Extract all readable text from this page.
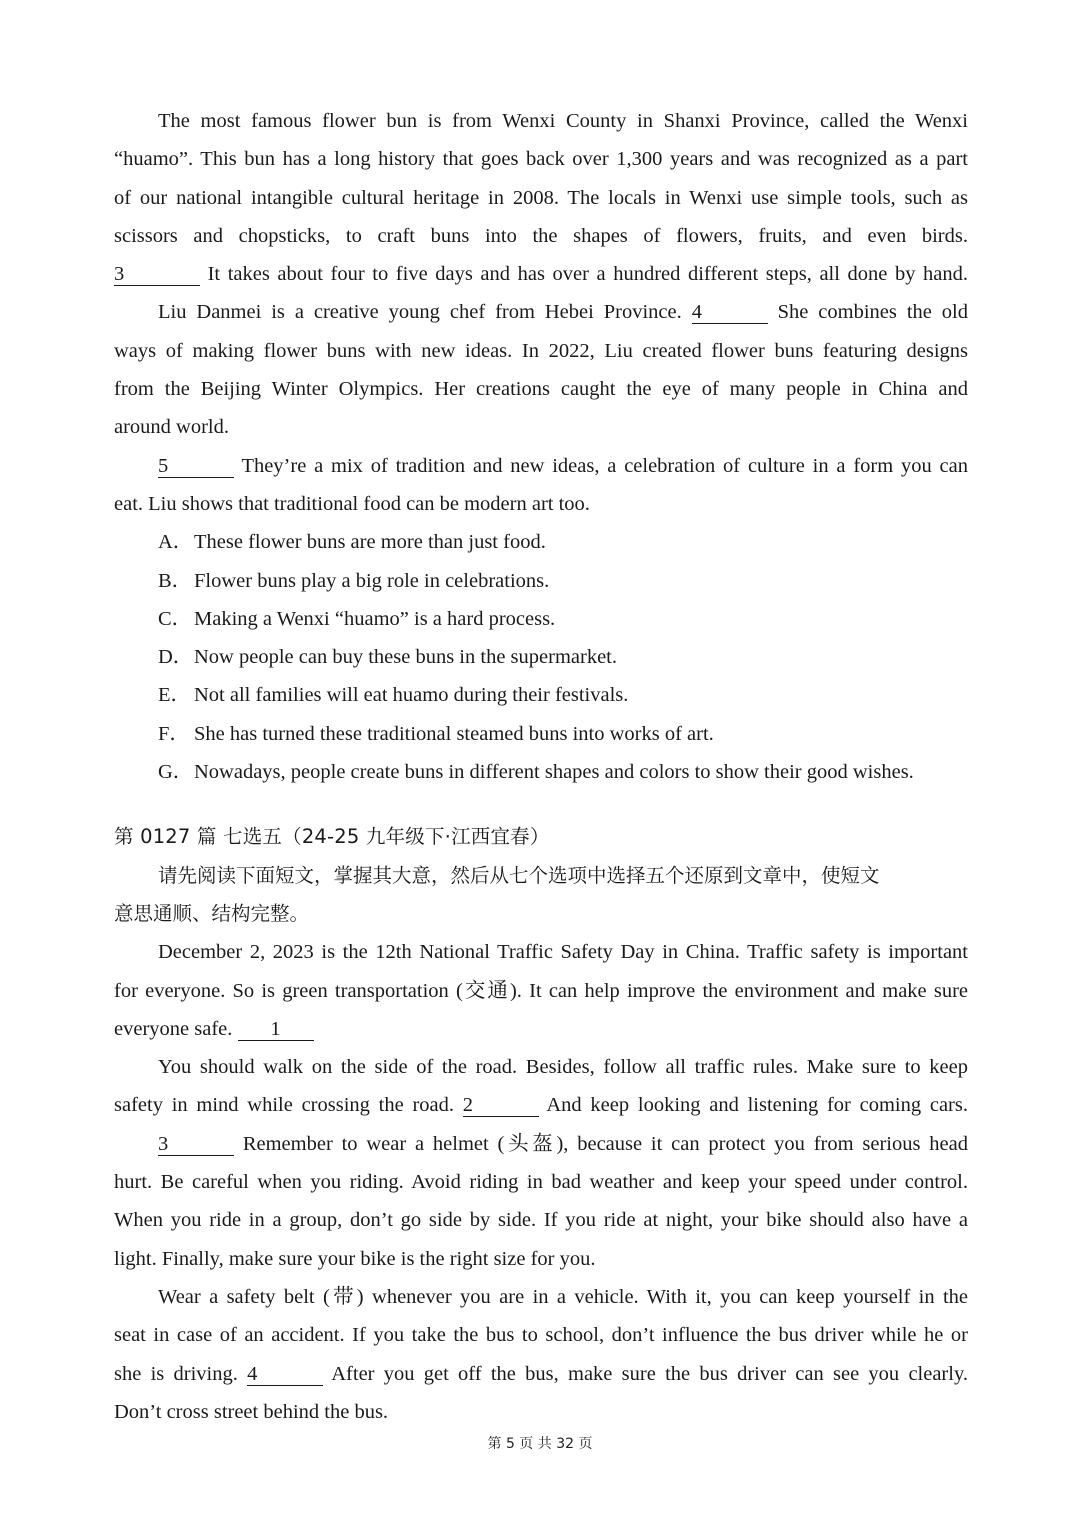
The most famous flower bun is from Wenxi County in Shanxi Province, called the Wenxi
“huamo”. This bun has a long history that goes back over 1,300 years and was recognized as a part
of our national intangible cultural heritage in 2008. The locals in Wenxi use simple tools, such as
scissors and chopsticks, to craft buns into the shapes of flowers, fruits, and even birds.
3	It takes about four to five days and has over a hundred different steps, all done by hand.
Liu Danmei is a creative young chef from Hebei Province. 4	She combines the old
ways of making flower buns with new ideas. In 2022, Liu created flower buns featuring designs
from the Beijing Winter Olympics. Her creations caught the eye of many people in China and
around world.
5	They’re a mix of tradition and new ideas, a celebration of culture in a form you can
eat. Liu shows that traditional food can be modern art too.
A．These flower buns are more than just food.
B．Flower buns play a big role in celebrations.
C．Making a Wenxi “huamo” is a hard process.
D．Now people can buy these buns in the supermarket.
E． Not all families will eat huamo during their festivals.
F． She has turned these traditional steamed buns into works of art.
G．Nowadays, people create buns in different shapes and colors to show their good wishes.
第 0127 篇 七选五（24-25 九年级下·江西宜春）
请先阅读下面短文，掌握其大意，然后从七个选项中选择五个还原到文章中，使短文
意思通顺、结构完整。
December 2, 2023 is the 12th National Traffic Safety Day in China. Traffic safety is important
for everyone. So is green transportation (交通). It can help improve the environment and make sure
everyone safe. 1
You should walk on the side of the road. Besides, follow all traffic rules. Make sure to keep
safety in mind while crossing the road. 2	And keep looking and listening for coming cars.
3	Remember to wear a helmet (头盔), because it can protect you from serious head
hurt. Be careful when you riding. Avoid riding in bad weather and keep your speed under control.
When you ride in a group, don’t go side by side. If you ride at night, your bike should also have a
light. Finally, make sure your bike is the right size for you.
Wear a safety belt (带) whenever you are in a vehicle. With it, you can keep yourself in the
seat in case of an accident. If you take the bus to school, don’t influence the bus driver while he or
she is driving. 4	After you get off the bus, make sure the bus driver can see you clearly.
Don’t cross street behind the bus.
第 5 页 共 32 页
